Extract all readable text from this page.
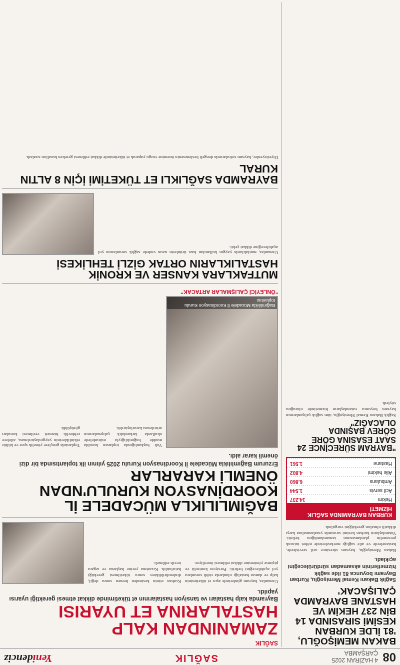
08
4 HAZİRAN 2025 ÇARŞAMBA
SAĞLIK
Yenidenciz
BAKAN MEMİŞOĞLU, '81 İLDE KURBAN KESİMİ SIRASINDA 14 BİN 237 HEKİM VE HASTANE BAYRAMDA ÇALIŞACAK'
Sağlık Bakanı Kemal Memişoğlu, Kurban Bayramı boyunca 81 ilde sağlık hizmetlerinin aksamadan sürdürüleceğini açıkladı.
Bakan Memişoğlu, bayram süresince acil servislerde, hastanelerde ve aile sağlığı merkezlerinde nöbet tutacak personelin planlamasının tamamlandığını belirtti. Vatandaşların kurban kesimi sırasında yaralanmalara karşı dikkatli olmaları gerektiğini vurguladı.
KURBAN BAYRAMINDA SAĞLIK HİZMETİ
Hekim
14.237
Acil servis
1.544
Ambulans
6.860
Aile hekimi
4.802
Hastane
1.561
"BAYRAM SÜRECİNCE 24 SAAT ESASINA GÖRE GÖREV BAŞINDA OLACAĞIZ"
Sağlık Bakanı Kemal Memişoğlu, tüm sağlık çalışanlarının bayram boyunca vatandaşların hizmetinde olacağını söyledi.
SAĞLIK
ZAMANINDAN KALP HASTALARINA ET UYARISI
Bayramda kalp hastaları ve tansiyon hastalarının et tüketiminde dikkat etmesi gerektiği uyarısı yapıldı.

Uzmanlar, bayram günlerinde aşırı et tüketiminin kalp ve damar hastalığı olanlarda ciddi sorunlara yol açabileceğini belirtti. Porsiyon kontrolü ve pişirme yöntemine dikkat edilmesi öneriliyor.

Kurban etinin kesimden hemen sonra değil, dinlendirildikten sonra tüketilmesi gerektiği hatırlatıldı. Kızartma yerine haşlama ve ızgara tercih edilmeli.

BAĞIMLILIKLA MÜCADELE İL KOORDİNASYON KURULU'NDAN ÖNEMLİ KARARLAR
Erzurum Bağımlılıkla Mücadele İl Koordinasyon Kurulu 2025 yılının ilk toplantısında bir dizi önemli karar aldı.
Bağımlılıkla Mücadele İl Koordinasyon Kurulu toplantısı

Vali başkanlığında toplanan kurulda madde bağımlılığıyla mücadelede okullarda farkındalık çalışmalarının artırılması kararlaştırıldı.

Toplantıda gençlere yönelik spor ve kültür etkinliklerinin yaygınlaştırılması, ailelere rehberlik hizmeti verilmesi konuları görüşüldü.

"ÖNLEYİCİ ÇALIŞMALAR ARTACAK"
MUTFAKLARA KANSER VE KRONİK HASTALIKLARIN ORTAK GİZLİ TEHLİKESİ

Uzmanlar, mutfaklarda yaygın kullanılan bazı ürünlerin uzun vadede sağlık sorunlarına yol açabileceğine dikkat çekti.

BAYRAMDA SAĞLIKLI ET TÜKETİMİ İÇİN 8 ALTIN KURAL

Diyetisyenler, bayram sofralarında dengeli beslenmenin önemine vurgu yaparak et tüketiminde dikkat edilmesi gereken kuralları sıraladı.
